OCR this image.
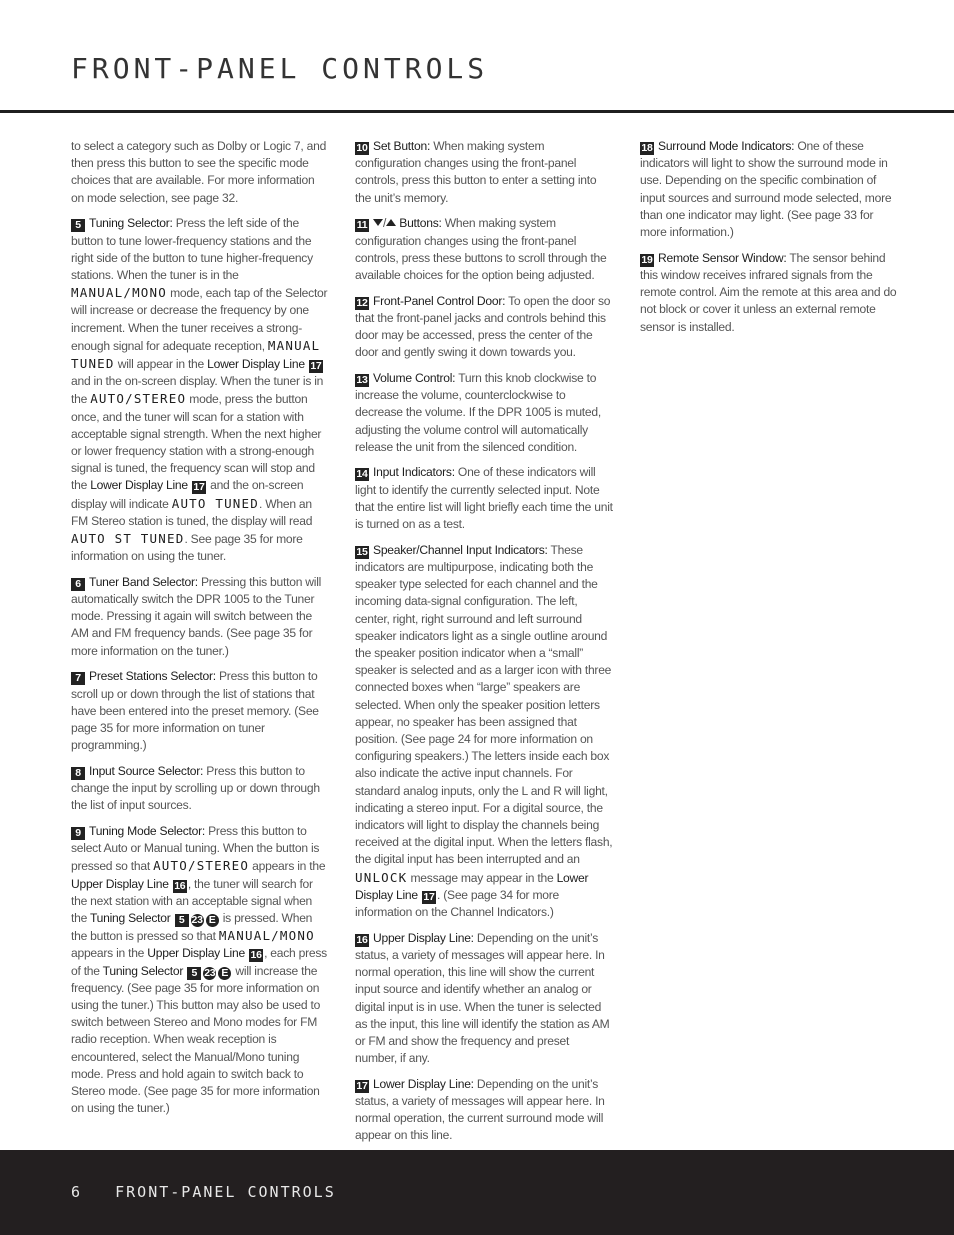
FRONT-PANEL CONTROLS

to select a category such as Dolby or Logic 7, and then press this button to see the specific mode choices that are available. For more information on mode selection, see page 32.

5 Tuning Selector: Press the left side of the button to tune lower-frequency stations and the right side of the button to tune higher-frequency stations. When the tuner is in the MANUAL/MONO mode, each tap of the Selector will increase or decrease the frequency by one increment. When the tuner receives a strong-enough signal for adequate reception, MANUAL TUNED will appear in the Lower Display Line 17 and in the on-screen display. When the tuner is in the AUTO/STEREO mode, press the button once, and the tuner will scan for a station with acceptable signal strength. When the next higher or lower frequency station with a strong-enough signal is tuned, the frequency scan will stop and the Lower Display Line 17 and the on-screen display will indicate AUTO TUNED. When an FM Stereo station is tuned, the display will read AUTO ST TUNED. See page 35 for more information on using the tuner.

6 Tuner Band Selector: Pressing this button will automatically switch the DPR 1005 to the Tuner mode. Pressing it again will switch between the AM and FM frequency bands. (See page 35 for more information on the tuner.)

7 Preset Stations Selector: Press this button to scroll up or down through the list of stations that have been entered into the preset memory. (See page 35 for more information on tuner programming.)

8 Input Source Selector: Press this button to change the input by scrolling up or down through the list of input sources.

9 Tuning Mode Selector: Press this button to select Auto or Manual tuning. When the button is pressed so that AUTO/STEREO appears in the Upper Display Line 16 , the tuner will search for the next station with an acceptable signal when the Tuning Selector 5 23 E is pressed. When the button is pressed so that MANUAL/MONO appears in the Upper Display Line 16 , each press of the Tuning Selector 5 23 E will increase the frequency. (See page 35 for more information on using the tuner.) This button may also be used to switch between Stereo and Mono modes for FM radio reception. When weak reception is encountered, select the Manual/Mono tuning mode. Press and hold again to switch back to Stereo mode. (See page 35 for more information on using the tuner.)

10 Set Button: When making system configuration changes using the front-panel controls, press this button to enter a setting into the unit’s memory.

11 / Buttons: When making system configuration changes using the front-panel controls, press these buttons to scroll through the available choices for the option being adjusted.

12 Front-Panel Control Door: To open the door so that the front-panel jacks and controls behind this door may be accessed, press the center of the door and gently swing it down towards you.

13 Volume Control: Turn this knob clockwise to increase the volume, counterclockwise to decrease the volume. If the DPR 1005 is muted, adjusting the volume control will automatically release the unit from the silenced condition.

14 Input Indicators: One of these indicators will light to identify the currently selected input. Note that the entire list will light briefly each time the unit is turned on as a test.

15 Speaker/Channel Input Indicators: These indicators are multipurpose, indicating both the speaker type selected for each channel and the incoming data-signal configuration. The left, center, right, right surround and left surround speaker indicators light as a single outline around the speaker position indicator when a “small” speaker is selected and as a larger icon with three connected boxes when “large” speakers are selected. When only the speaker position letters appear, no speaker has been assigned that position. (See page 24 for more information on configuring speakers.) The letters inside each box also indicate the active input channels. For standard analog inputs, only the L and R will light, indicating a stereo input. For a digital source, the indicators will light to display the channels being received at the digital input. When the letters flash, the digital input has been interrupted and an UNLOCK message may appear in the Lower Display Line 17 . (See page 34 for more information on the Channel Indicators.)

16 Upper Display Line: Depending on the unit’s status, a variety of messages will appear here. In normal operation, this line will show the current input source and identify whether an analog or digital input is in use. When the tuner is selected as the input, this line will identify the station as AM or FM and show the frequency and preset number, if any.

17 Lower Display Line: Depending on the unit’s status, a variety of messages will appear here. In normal operation, the current surround mode will appear on this line.

18 Surround Mode Indicators: One of these indicators will light to show the surround mode in use. Depending on the specific combination of input sources and surround mode selected, more than one indicator may light. (See page 33 for more information.)

19 Remote Sensor Window: The sensor behind this window receives infrared signals from the remote control. Aim the remote at this area and do not block or cover it unless an external remote sensor is installed.

6 FRONT-PANEL CONTROLS
